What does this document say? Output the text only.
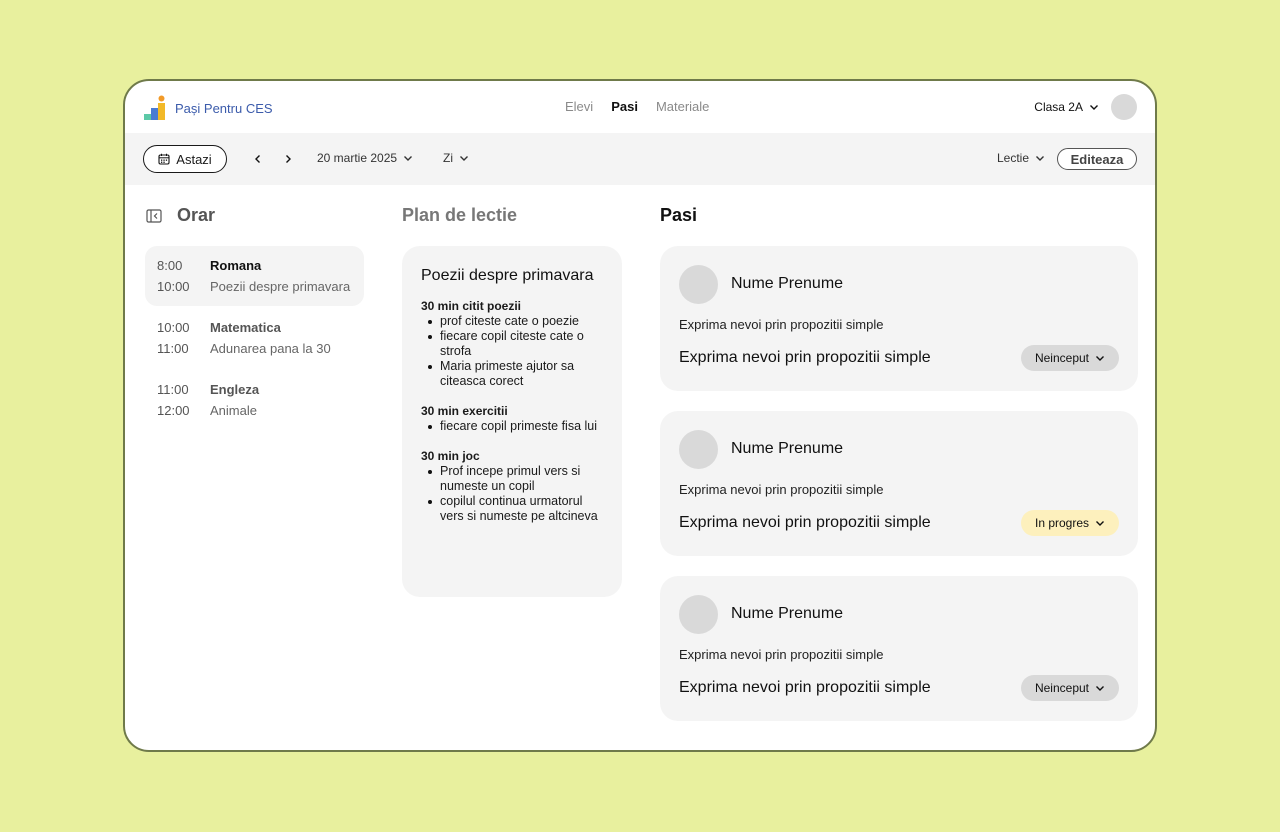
Pași Pentru CES	Elevi Pasi Materiale	Clasa 2A
Astazi	20 martie 2025	Zi	Lectie	Editeaza
Orar	Plan de lectie	Pasi
8:00	Romana
10:00	Poezii despre primavara
10:00	Matematica
11:00	Adunarea pana la 30
11:00	Engleza
12:00	Animale
Poezii despre primavara
30 min citit poezii
prof citeste cate o poezie
fiecare copil citeste cate o strofa
Maria primeste ajutor sa citeasca corect
30 min exercitii
fiecare copil primeste fisa lui
30 min joc
Prof incepe primul vers si numeste un copil
copilul continua urmatorul vers si numeste pe altcineva
Nume Prenume
Exprima nevoi prin propozitii simple
Exprima nevoi prin propozitii simple	Neinceput
Nume Prenume
Exprima nevoi prin propozitii simple
Exprima nevoi prin propozitii simple	In progres
Nume Prenume
Exprima nevoi prin propozitii simple
Exprima nevoi prin propozitii simple	Neinceput
